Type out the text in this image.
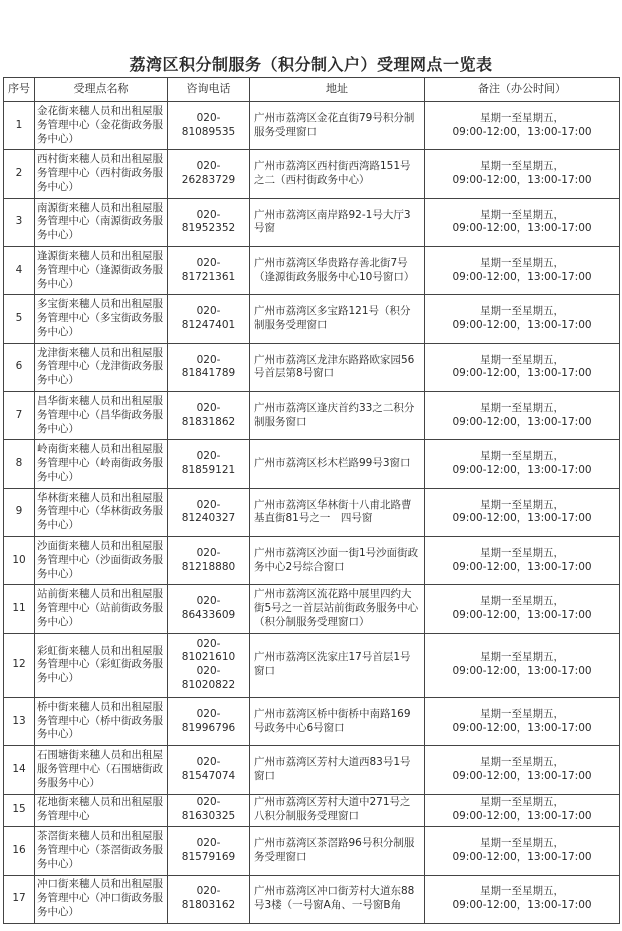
荔湾区积分制服务（积分制入户）受理网点一览表
序号	受理点名称	咨询电话	地址	备注（办公时间）
1	金花街来穗人员和出租屋服务管理中心（金花街政务服务中心）	020-81089535	广州市荔湾区金花直街79号积分制服务受理窗口	星期一至星期五，
09:00-12:00，13:00-17:00
2	西村街来穗人员和出租屋服务管理中心（西村街政务服务中心）	020-26283729	广州市荔湾区西村街西湾路151号之二（西村街政务中心）	星期一至星期五，
09:00-12:00，13:00-17:00
3	南源街来穗人员和出租屋服务管理中心（南源街政务服务中心）	020-81952352	广州市荔湾区南岸路92-1号大厅3号窗	星期一至星期五，
09:00-12:00，13:00-17:00
4	逢源街来穗人员和出租屋服务管理中心（逢源街政务服务中心）	020-81721361	广州市荔湾区华贵路存善北街7号（逢源街政务服务中心10号窗口）	星期一至星期五，
09:00-12:00，13:00-17:00
5	多宝街来穗人员和出租屋服务管理中心（多宝街政务服务中心）	020-81247401	广州市荔湾区多宝路121号（积分制服务受理窗口	星期一至星期五，
09:00-12:00，13:00-17:00
6	龙津街来穗人员和出租屋服务管理中心（龙津街政务服务中心）	020-81841789	广州市荔湾区龙津东路路欧家园56号首层第8号窗口	星期一至星期五，
09:00-12:00，13:00-17:00
7	昌华街来穗人员和出租屋服务管理中心（昌华街政务服务中心）	020-81831862	广州市荔湾区逢庆首约33之二积分制服务窗口	星期一至星期五，
09:00-12:00，13:00-17:00
8	岭南街来穗人员和出租屋服务管理中心（岭南街政务服务中心）	020-81859121	广州市荔湾区杉木栏路99号3窗口	星期一至星期五，
09:00-12:00，13:00-17:00
9	华林街来穗人员和出租屋服务管理中心（华林街政务服务中心）	020-81240327	广州市荔湾区华林街十八甫北路曹基直街81号之一　四号窗	星期一至星期五，
09:00-12:00，13:00-17:00
10	沙面街来穗人员和出租屋服务管理中心（沙面街政务服务中心）	020-81218880	广州市荔湾区沙面一街1号沙面街政务中心2号综合窗口	星期一至星期五，
09:00-12:00，13:00-17:00
11	站前街来穗人员和出租屋服务管理中心（站前街政务服务中心）	020-86433609	广州市荔湾区流花路中展里四约大街5号之一首层站前街政务服务中心（积分制服务受理窗口）	星期一至星期五，
09:00-12:00，13:00-17:00
12	彩虹街来穗人员和出租屋服务管理中心（彩虹街政务服务中心）	020-81021610
020-81020822	广州市荔湾区洗家庄17号首层1号窗口	星期一至星期五，
09:00-12:00，13:00-17:00
13	桥中街来穗人员和出租屋服务管理中心（桥中街政务服务中心）	020-81996796	广州市荔湾区桥中街桥中南路169号政务中心6号窗口	星期一至星期五，
09:00-12:00，13:00-17:00
14	石围塘街来穗人员和出租屋服务管理中心（石围塘街政务服务中心）	020-81547074	广州市荔湾区芳村大道西83号1号窗口	星期一至星期五，
09:00-12:00，13:00-17:00
15	花地街来穗人员和出租屋服务管理中心	020-81630325	广州市荔湾区芳村大道中271号之八积分制服务受理窗口	星期一至星期五，
09:00-12:00，13:00-17:00
16	茶滘街来穗人员和出租屋服务管理中心（茶滘街政务服务中心）	020-81579169	广州市荔湾区茶滘路96号积分制服务受理窗口	星期一至星期五，
09:00-12:00，13:00-17:00
17	冲口街来穗人员和出租屋服务管理中心（冲口街政务服务中心）	020-81803162	广州市荔湾区冲口街芳村大道东88号3楼（一号窗A角、一号窗B角	星期一至星期五，
09:00-12:00，13:00-17:00
